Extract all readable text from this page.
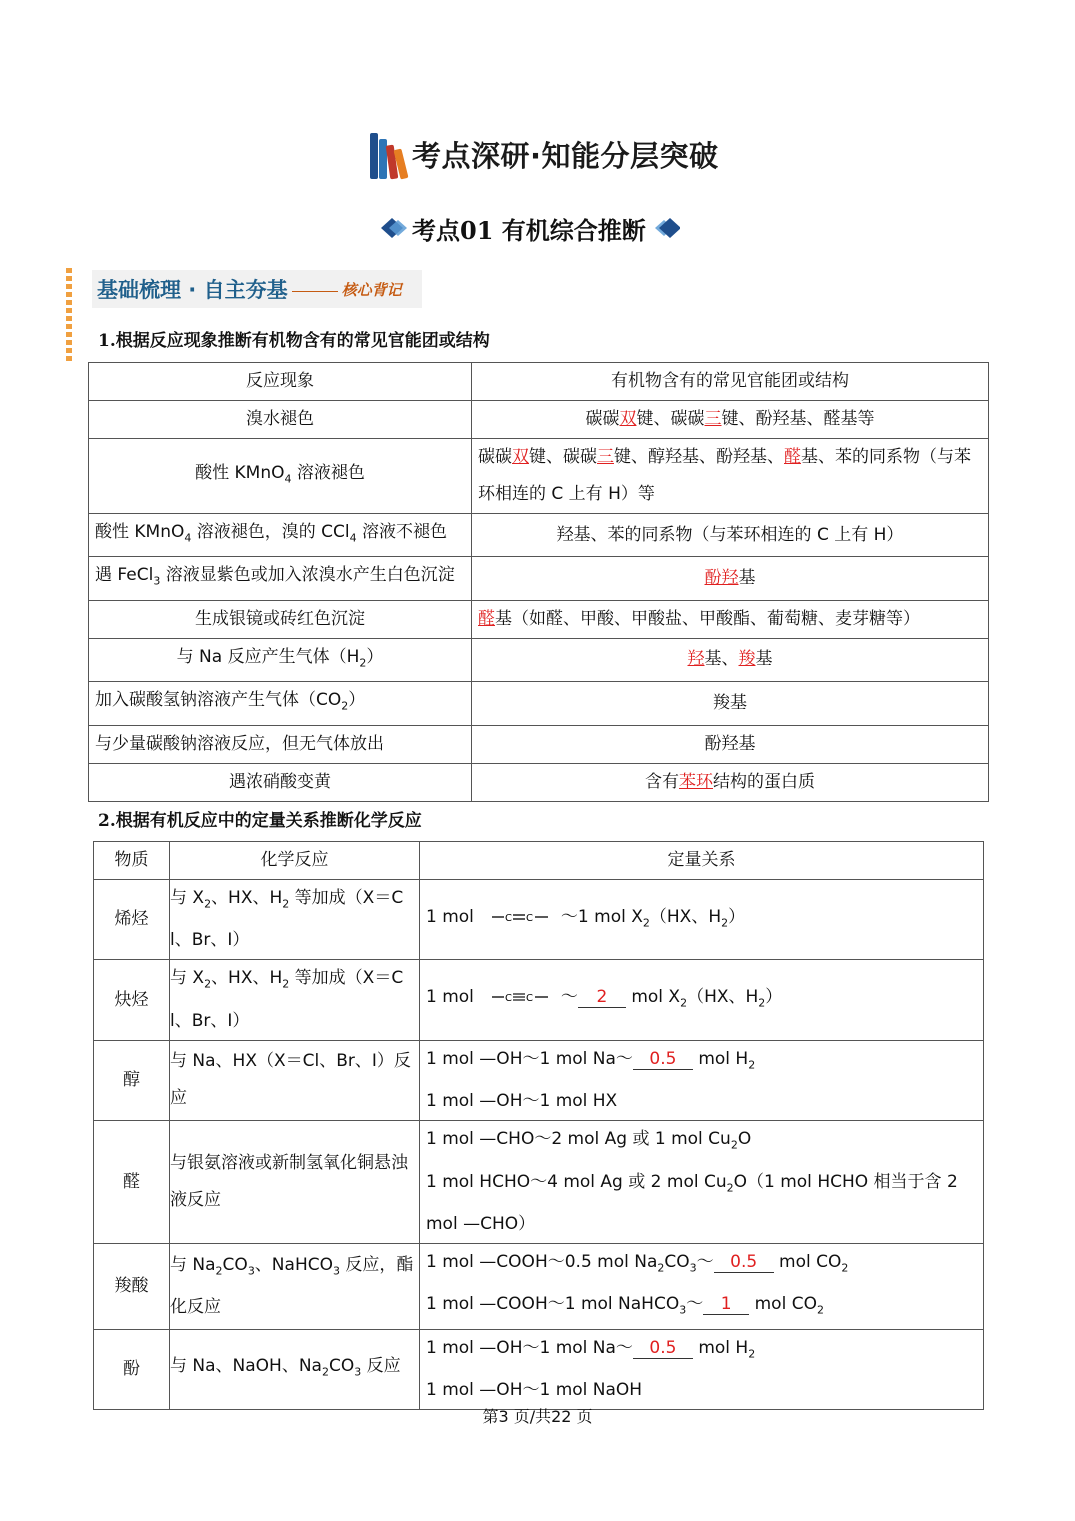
考点深研·知能分层突破
考点01 有机综合推断
基础梳理 · 自主夯基	核心背记
1.根据反应现象推断有机物含有的常见官能团或结构
反应现象	有机物含有的常见官能团或结构
溴水褪色	碳碳双键、碳碳三键、酚羟基、醛基等
酸性 KMnO$_4$ 溶液褪色	碳碳双键、碳碳三键、醇羟基、酚羟基、醛基、苯的同系物（与苯环相连的 C 上有 H）等
酸性 KMnO$_4$ 溶液褪色，溴的 CCl$_4$ 溶液不褪色	羟基、苯的同系物（与苯环相连的 C 上有 H）
遇 FeCl$_3$ 溶液显紫色或加入浓溴水产生白色沉淀	酚羟基
生成银镜或砖红色沉淀	醛基（如醛、甲酸、甲酸盐、甲酸酯、葡萄糖、麦芽糖等）
与 Na 反应产生气体$(H_2)$	羟基、羧基
加入碳酸氢钠溶液产生气体$(CO_2)$	羧基
与少量碳酸钠溶液反应，但无气体放出	酚羟基
遇浓硝酸变黄	含有苯环结构的蛋白质
2.根据有机反应中的定量关系推断化学反应
物质	化学反应	定量关系
烯烃	与 $X_2$、HX、$H_2$ 等加成（X＝Cl、Br、I）	1 mol C C ～1 mol $X_2(HX$、$H_2$）
炔烃	与 $X_2$、HX、$H_2$ 等加成（X＝Cl、Br、I）	1 mol C C ～ 2 mol $X_2(HX$、$H_2$）
醇	与 Na、HX（X＝Cl、Br、I）反应	1 mol —OH～1 mol Na～ 0.5 mol $H_2$
1 mol —OH～1 mol HX
醛	与银氨溶液或新制氢氧化铜悬浊液反应	1 mol —CHO～2 mol Ag 或 1 mol $Cu_2O$
1 mol HCHO～4 mol Ag 或 2 mol $Cu_2O(1$ mol HCHO 相当于含 2 mol —CHO）
羧酸	与 $Na_2CO_3$、NaHCO$_3$ 反应，酯化反应	1 mol —COOH～0.5 mol $Na_2CO_3\sim$ 0.5 mol $CO_2$
1 mol —COOH～1 mol NaHCO$_3$～ 1 mol $CO_2$
酚	与 Na、NaOH、$Na_2CO_3$ 反应	1 mol —OH～1 mol Na～ 0.5 mol $H_2$
1 mol —OH～1 mol NaOH
第3 页/共22 页
